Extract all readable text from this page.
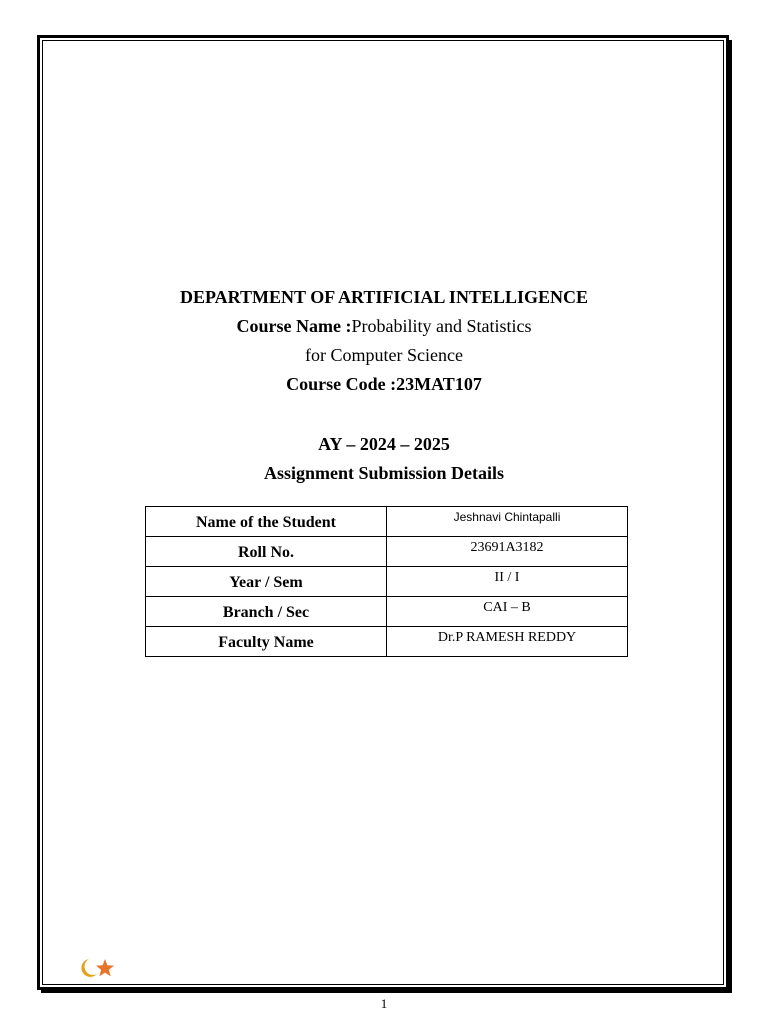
DEPARTMENT OF ARTIFICIAL INTELLIGENCE
Course Name :Probability and Statistics
for Computer Science
Course Code :23MAT107
AY – 2024 – 2025
Assignment Submission Details
Name of the Student	Jeshnavi Chintapalli
Roll No.	23691A3182
Year / Sem	II / I
Branch / Sec	CAI – B
Faculty Name	Dr.P RAMESH REDDY
1
